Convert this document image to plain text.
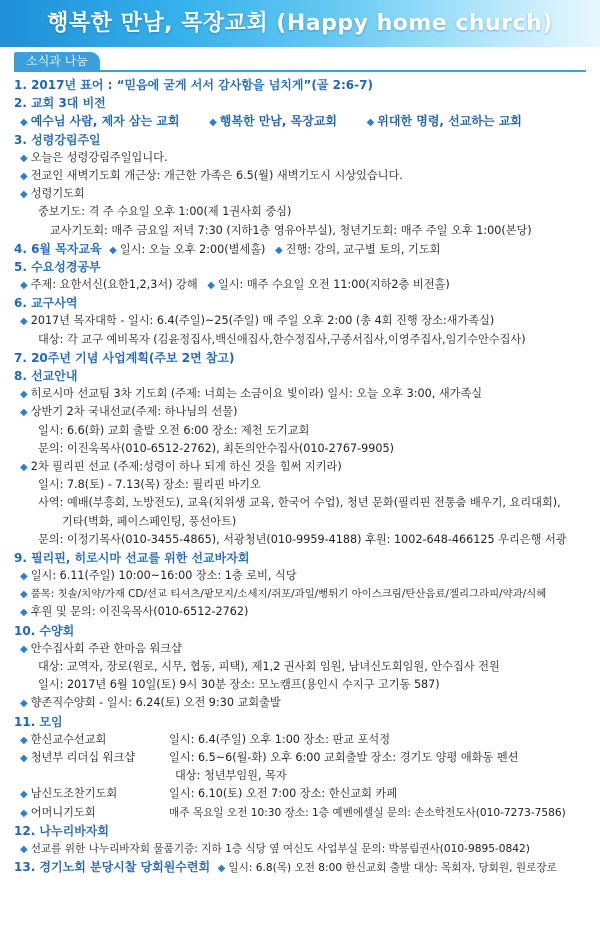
행복한 만남, 목장교회 (Happy home church)
소식과 나눔
1. 2017년 표어 : “믿음에 굳게 서서 감사함을 넘치게”(골 2:6-7)
2. 교회 3대 비전
◆ 예수님 사람, 제자 삼는 교회	◆ 행복한 만남, 목장교회	◆ 위대한 명령, 선교하는 교회
3. 성령강림주일
◆ 오늘은 성령강림주일입니다.
◆ 전교인 새벽기도회 개근상: 개근한 가족은 6.5(월) 새벽기도시 시상있습니다.
◆ 성령기도회
중보기도: 격 주 수요일 오후 1:00(제 1권사회 중심)
교사기도회: 매주 금요일 저녁 7:30 (지하1층 영유아부실), 청년기도회: 매주 주일 오후 1:00(본당)
4. 6월 목자교육 ◆ 일시: 오늘 오후 2:00(별세홀) ◆ 진행: 강의, 교구별 토의, 기도회
5. 수요성경공부
◆ 주제: 요한서신(요한1,2,3서) 강해 ◆ 일시: 매주 수요일 오전 11:00(지하2층 비전홀)
6. 교구사역
◆ 2017년 목자대학 - 일시: 6.4(주일)~25(주일) 매 주일 오후 2:00 (총 4회 진행 장소:새가족실)
대상: 각 교구 예비목자 (김윤정집사,백신애집사,한수정집사,구종서집사,이영주집사,임기수안수집사)
7. 20주년 기념 사업계획(주보 2면 참고)
8. 선교안내
◆ 히로시마 선교팀 3차 기도회 (주제: 너희는 소금이요 빛이라) 일시: 오늘 오후 3:00, 새가족실
◆ 상반기 2차 국내선교(주제: 하나님의 선물)
일시: 6.6(화) 교회 출발 오전 6:00 장소: 제천 도기교회
문의: 이진욱목사(010-6512-2762), 최돈의안수집사(010-2767-9905)
◆ 2차 필리핀 선교 (주제:성령이 하나 되게 하신 것을 힘써 지키라)
일시: 7.8(토) - 7.13(목) 장소: 필리핀 바기오
사역: 예배(부흥회, 노방전도), 교육(치위생 교육, 한국어 수업), 청년 문화(필리핀 전통춤 배우기, 요리대회),
기타(벽화, 페이스페인팅, 풍선아트)
문의: 이정기목사(010-3455-4865), 서광청년(010-9959-4188) 후원: 1002-648-466125 우리은행 서광
9. 필리핀, 히로시마 선교를 위한 선교바자회
◆ 일시: 6.11(주일) 10:00~16:00 장소: 1층 로비, 식당
◆ 품목: 칫솔/치약/가재 CD/선교 티셔츠/팥모지/소세지/쥐포/과일/뻥튀기 아이스크림/탄산음료/젤리그라피/약과/식혜
◆ 후원 및 문의: 이진욱목사(010-6512-2762)
10. 수양회
◆ 안수집사회 주관 한마음 워크샵
대상: 교역자, 장로(원로, 시무, 협동, 피택), 제1,2 권사회 임원, 남녀신도회임원, 안수집사 전원
일시: 2017년 6월 10일(토) 9시 30분 장소: 모노캠프(용인시 수지구 고기동 587)
◆ 향존직수양회 - 일시: 6.24(토) 오전 9:30 교회출발
11. 모임
◆ 한신교수선교회	일시: 6.4(주일) 오후 1:00 장소: 판교 포석정
◆ 청년부 리더십 워크샵	일시: 6.5~6(월-화) 오후 6:00 교회출발 장소: 경기도 양평 애화동 펜션
대상: 청년부임원, 목자
◆ 남신도조찬기도회	일시: 6.10(토) 오전 7:00 장소: 한신교회 카페
◆ 어머니기도회	매주 목요일 오전 10:30 장소: 1층 예벤에셀실 문의: 손소학전도사(010-7273-7586)
12. 나누리바자회
◆ 선교를 위한 나누리바자회 물품기증: 지하 1층 식당 옆 여신도 사업부실 문의: 박봉림권사(010-9895-0842)
13. 경기노회 분당시찰 당회원수련회 ◆ 일시: 6.8(목) 오전 8:00 한신교회 출발 대상: 목회자, 당회원, 원로장로
